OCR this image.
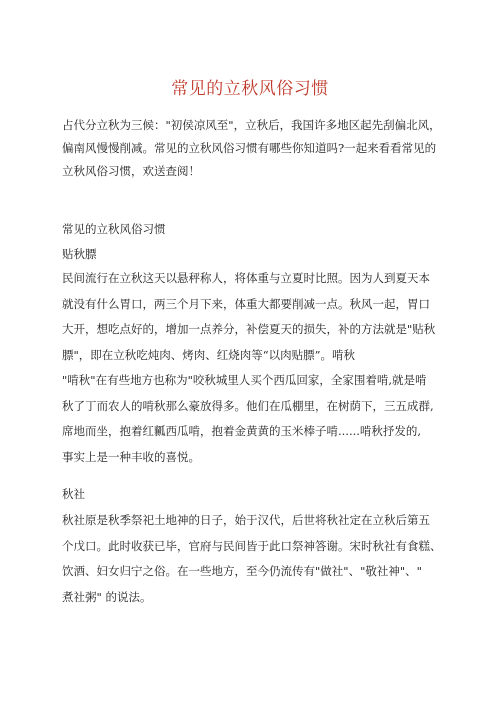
常见的立秋风俗习惯

占代分立秋为三候："初侯凉风至"，立秋后，我国许多地区起先刮偏北风，

偏南风慢慢削减。常见的立秋风俗习惯有哪些你知道吗?一起来看看常见的

立秋风俗习惯，欢送查阅！

常见的立秋风俗习惯
贴秋膘
民间流行在立秋这天以悬秤称人，将体重与立夏时比照。因为人到夏天本
就没有什么胃口，两三个月下来，体重大都要削减一点。秋风一起，胃口
大开，想吃点好的，增加一点养分，补偿夏天的损失，补的方法就是"贴秋
膘"，即在立秋吃炖肉、烤肉、红烧肉等“以肉贴膘”。啃秋
"啃秋"在有些地方也称为"咬秋城里人买个西瓜回家，全家围着啃,就是啃
秋了丁而农人的啃秋那么豪放得多。他们在瓜棚里，在树荫下，三五成群,
席地而坐，抱着红瓤西瓜啃，抱着金黄黄的玉米棒子啃......啃秋抒发的,
事实上是一种丰收的喜悦。
秋社
秋社原是秋季祭祀土地神的日子，始于汉代，后世将秋社定在立秋后第五
个戊口。此时收获已毕，官府与民间皆于此口祭神答谢。宋时秋社有食糕、
饮酒、妇女归宁之俗。在一些地方，至今仍流传有"做社"、"敬社神"、"
煮社粥" 的说法。
